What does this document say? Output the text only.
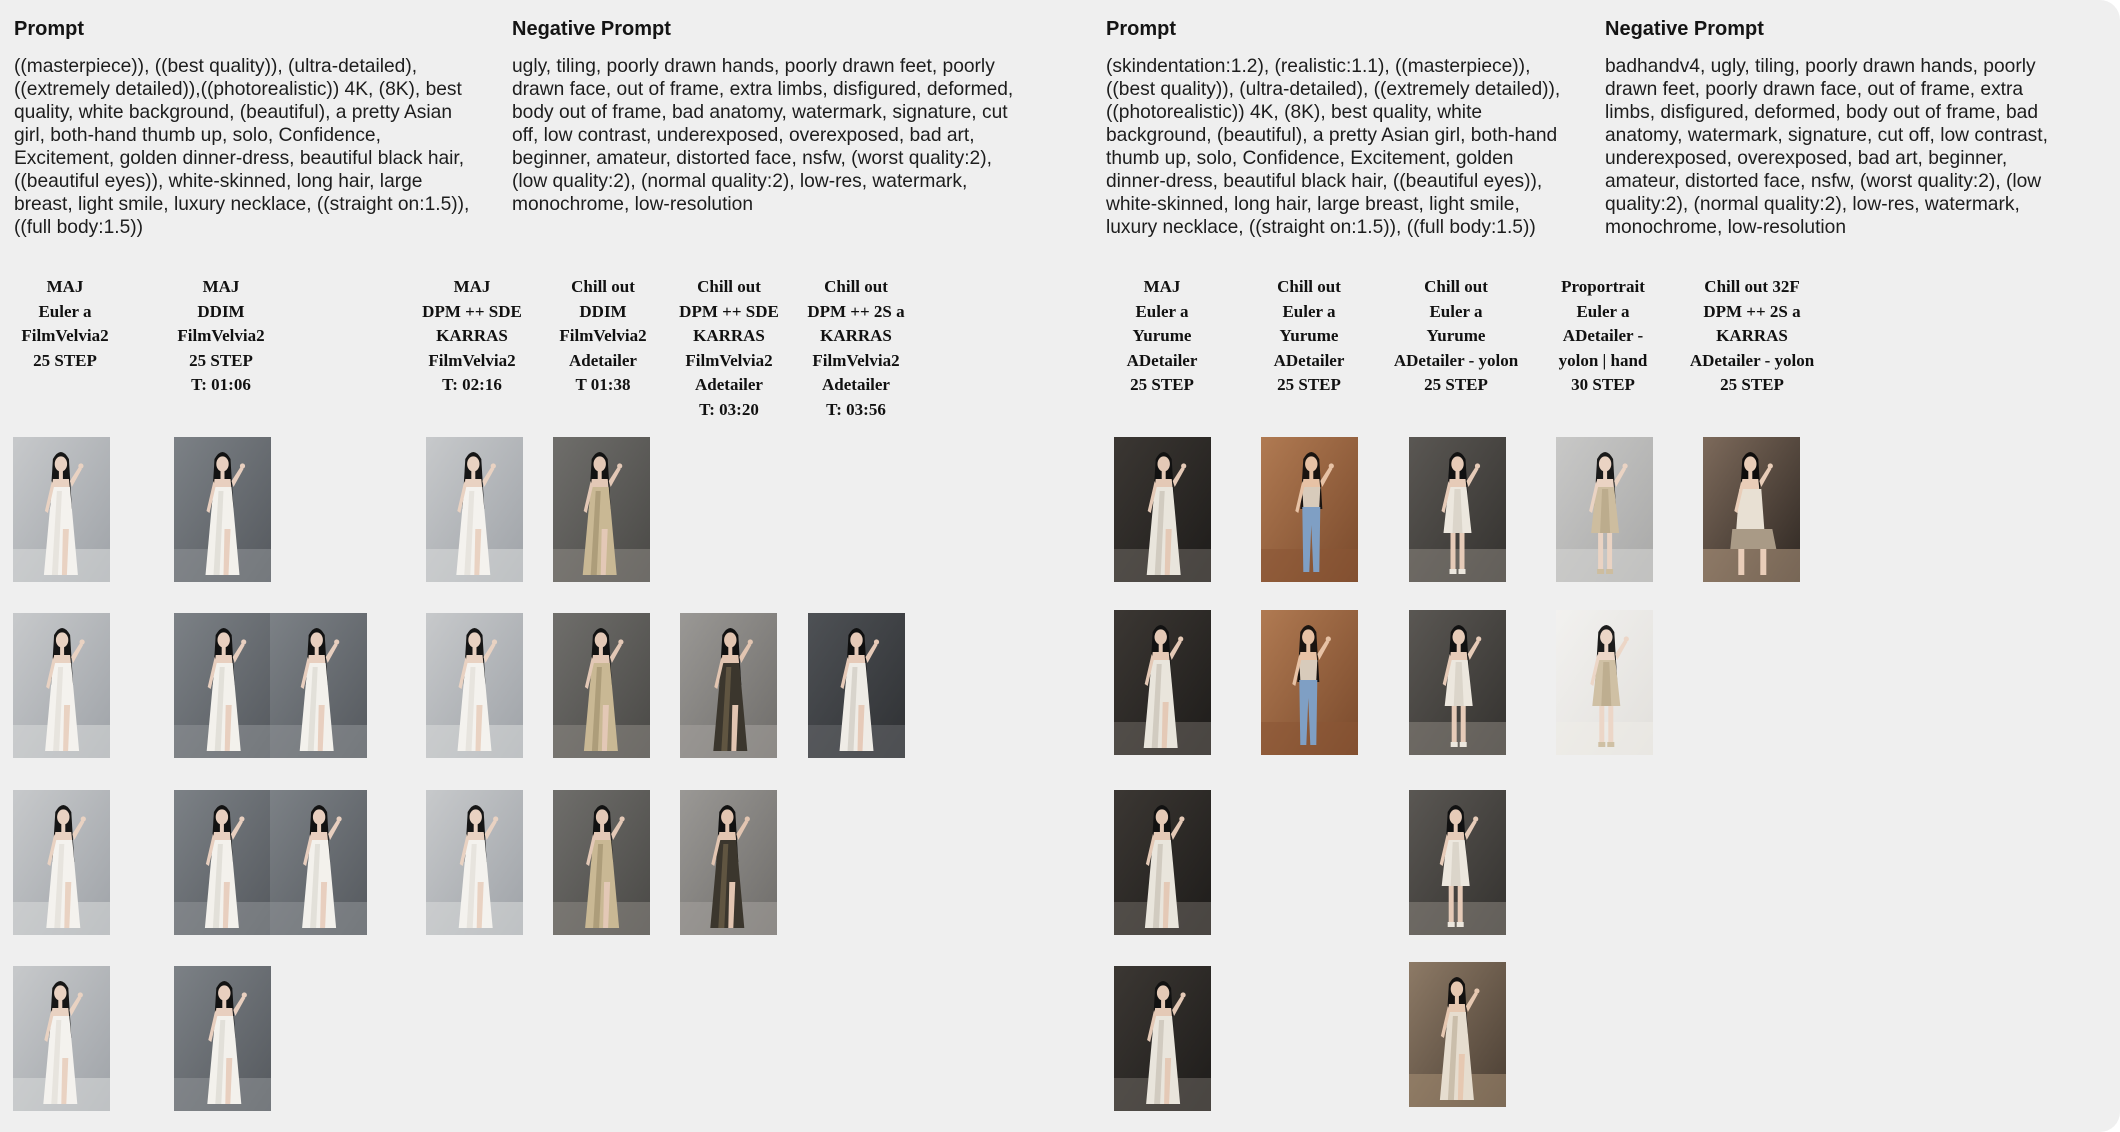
Prompt

((masterpiece)), ((best quality)), (ultra-detailed), ((extremely detailed)),((photorealistic)) 4K, (8K), best quality, white background, (beautiful), a pretty Asian girl, both-hand thumb up, solo, Confidence, Excitement, golden dinner-dress, beautiful black hair, ((beautiful eyes)), white-skinned, long hair, large breast, light smile, luxury necklace, ((straight on:1.5)), ((full body:1.5))

Negative Prompt

ugly, tiling, poorly drawn hands, poorly drawn feet, poorly drawn face, out of frame, extra limbs, disfigured, deformed, body out of frame, bad anatomy, watermark, signature, cut off, low contrast, underexposed, overexposed, bad art, beginner, amateur, distorted face, nsfw, (worst quality:2), (low quality:2), (normal quality:2), low-res, watermark, monochrome, low-resolution

Prompt

(skindentation:1.2), (realistic:1.1), ((masterpiece)), ((best quality)), (ultra-detailed), ((extremely detailed)),((photorealistic)) 4K, (8K), best quality, white background, (beautiful), a pretty Asian girl, both-hand thumb up, solo, Confidence, Excitement, golden dinner-dress, beautiful black hair, ((beautiful eyes)), white-skinned, long hair, large breast, light smile, luxury necklace, ((straight on:1.5)), ((full body:1.5))

Negative Prompt

badhandv4, ugly, tiling, poorly drawn hands, poorly drawn feet, poorly drawn face, out of frame, extra limbs, disfigured, deformed, body out of frame, bad anatomy, watermark, signature, cut off, low contrast, underexposed, overexposed, bad art, beginner, amateur, distorted face, nsfw, (worst quality:2), (low quality:2), (normal quality:2), low-res, watermark, monochrome, low-resolution

MAJ
Euler a
FilmVelvia2
25 STEP
MAJ
DDIM
FilmVelvia2
25 STEP
T: 01:06
MAJ
DPM ++ SDE
KARRAS
FilmVelvia2
T: 02:16
Chill out
DDIM
FilmVelvia2
Adetailer
T 01:38
Chill out
DPM ++ SDE
KARRAS
FilmVelvia2
Adetailer
T: 03:20
Chill out
DPM ++ 2S a
KARRAS
FilmVelvia2
Adetailer
T: 03:56
MAJ
Euler a
Yurume
ADetailer
25 STEP
Chill out
Euler a
Yurume
ADetailer
25 STEP
Chill out
Euler a
Yurume
ADetailer - yolon
25 STEP
Proportrait
Euler a
ADetailer -
yolon | hand
30 STEP
Chill out 32F
DPM ++ 2S a
KARRAS
ADetailer - yolon
25 STEP
